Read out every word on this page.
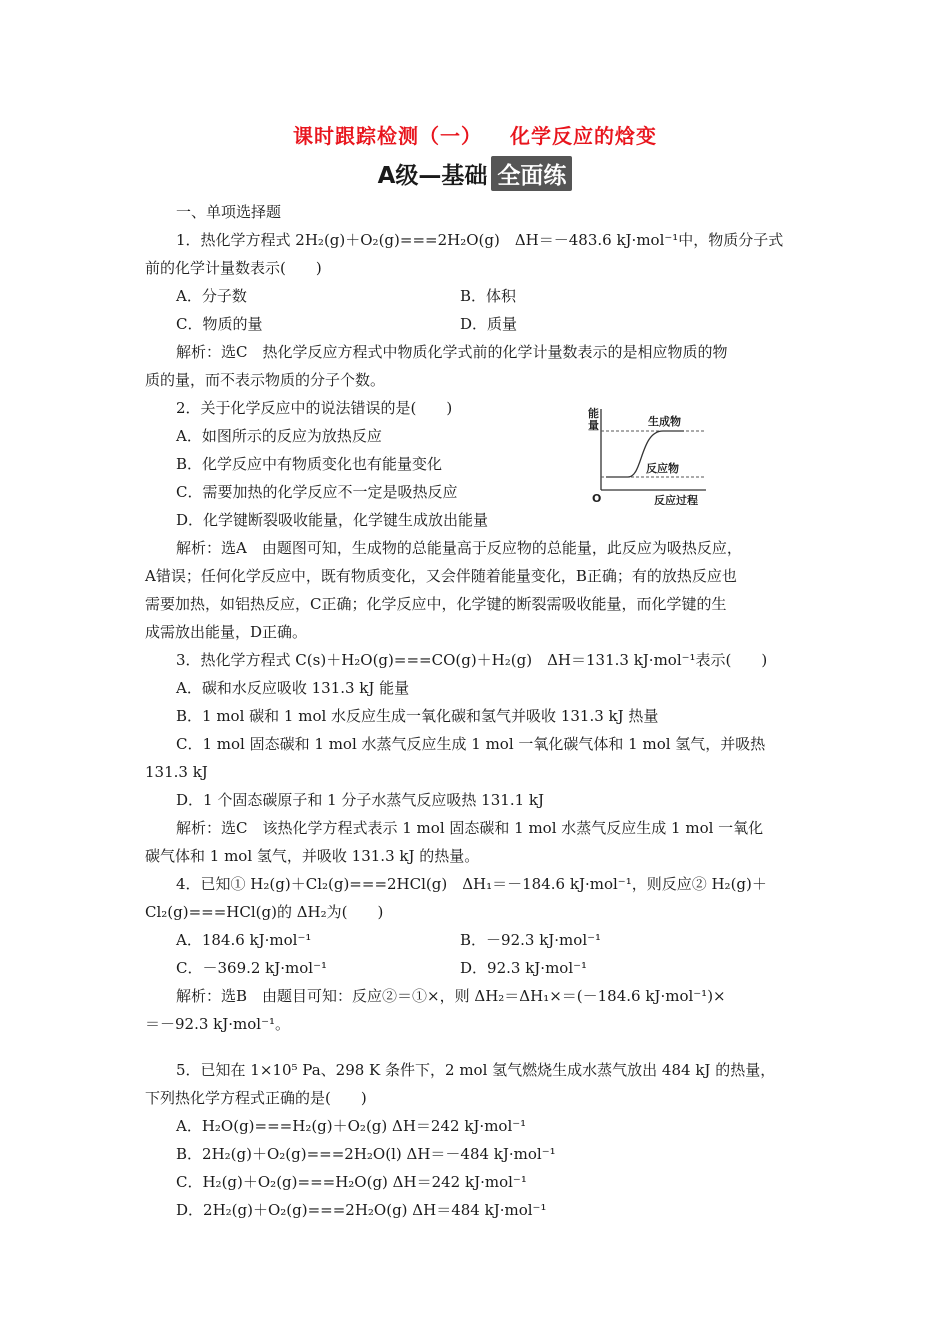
课时跟踪检测（一） 化学反应的焓变
A级—基础 全面练
一、单项选择题
1．热化学方程式 2H₂(g)＋O₂(g)===2H₂O(g)　ΔH＝－483.6 kJ·mol⁻¹中，物质分子式
前的化学计量数表示(　　)
A．分子数	B．体积
C．物质的量	D．质量
解析：选C　热化学反应方程式中物质化学式前的化学计量数表示的是相应物质的物
质的量，而不表示物质的分子个数。
2．关于化学反应中的说法错误的是(　　)
A．如图所示的反应为放热反应
B．化学反应中有物质变化也有能量变化
C．需要加热的化学反应不一定是吸热反应
D．化学键断裂吸收能量，化学键生成放出能量
能
量	生成物
反应物
O	反应过程
解析：选A　由题图可知，生成物的总能量高于反应物的总能量，此反应为吸热反应，
A错误；任何化学反应中，既有物质变化，又会伴随着能量变化，B正确；有的放热反应也
需要加热，如铝热反应，C正确；化学反应中，化学键的断裂需吸收能量，而化学键的生
成需放出能量，D正确。
3．热化学方程式 C(s)＋H₂O(g)===CO(g)＋H₂(g)　ΔH＝131.3 kJ·mol⁻¹表示(　　)
A．碳和水反应吸收 131.3 kJ 能量
B．1 mol 碳和 1 mol 水反应生成一氧化碳和氢气并吸收 131.3 kJ 热量
C．1 mol 固态碳和 1 mol 水蒸气反应生成 1 mol 一氧化碳气体和 1 mol 氢气，并吸热
131.3 kJ
D．1 个固态碳原子和 1 分子水蒸气反应吸热 131.1 kJ
解析：选C　该热化学方程式表示 1 mol 固态碳和 1 mol 水蒸气反应生成 1 mol 一氧化
碳气体和 1 mol 氢气，并吸收 131.3 kJ 的热量。
4．已知① H₂(g)＋Cl₂(g)===2HCl(g)　ΔH₁＝－184.6 kJ·mol⁻¹，则反应② H₂(g)＋
Cl₂(g)===HCl(g)的 ΔH₂为(　　)
A．184.6 kJ·mol⁻¹	B．－92.3 kJ·mol⁻¹
C．－369.2 kJ·mol⁻¹	D．92.3 kJ·mol⁻¹
解析：选B　由题目可知：反应②＝①×，则 ΔH₂＝ΔH₁×＝(－184.6 kJ·mol⁻¹)×
＝－92.3 kJ·mol⁻¹。
5．已知在 1×10⁵ Pa、298 K 条件下，2 mol 氢气燃烧生成水蒸气放出 484 kJ 的热量，
下列热化学方程式正确的是(　　)
A．H₂O(g)===H₂(g)＋O₂(g) ΔH＝242 kJ·mol⁻¹
B．2H₂(g)＋O₂(g)===2H₂O(l) ΔH＝－484 kJ·mol⁻¹
C．H₂(g)＋O₂(g)===H₂O(g) ΔH＝242 kJ·mol⁻¹
D．2H₂(g)＋O₂(g)===2H₂O(g) ΔH＝484 kJ·mol⁻¹
